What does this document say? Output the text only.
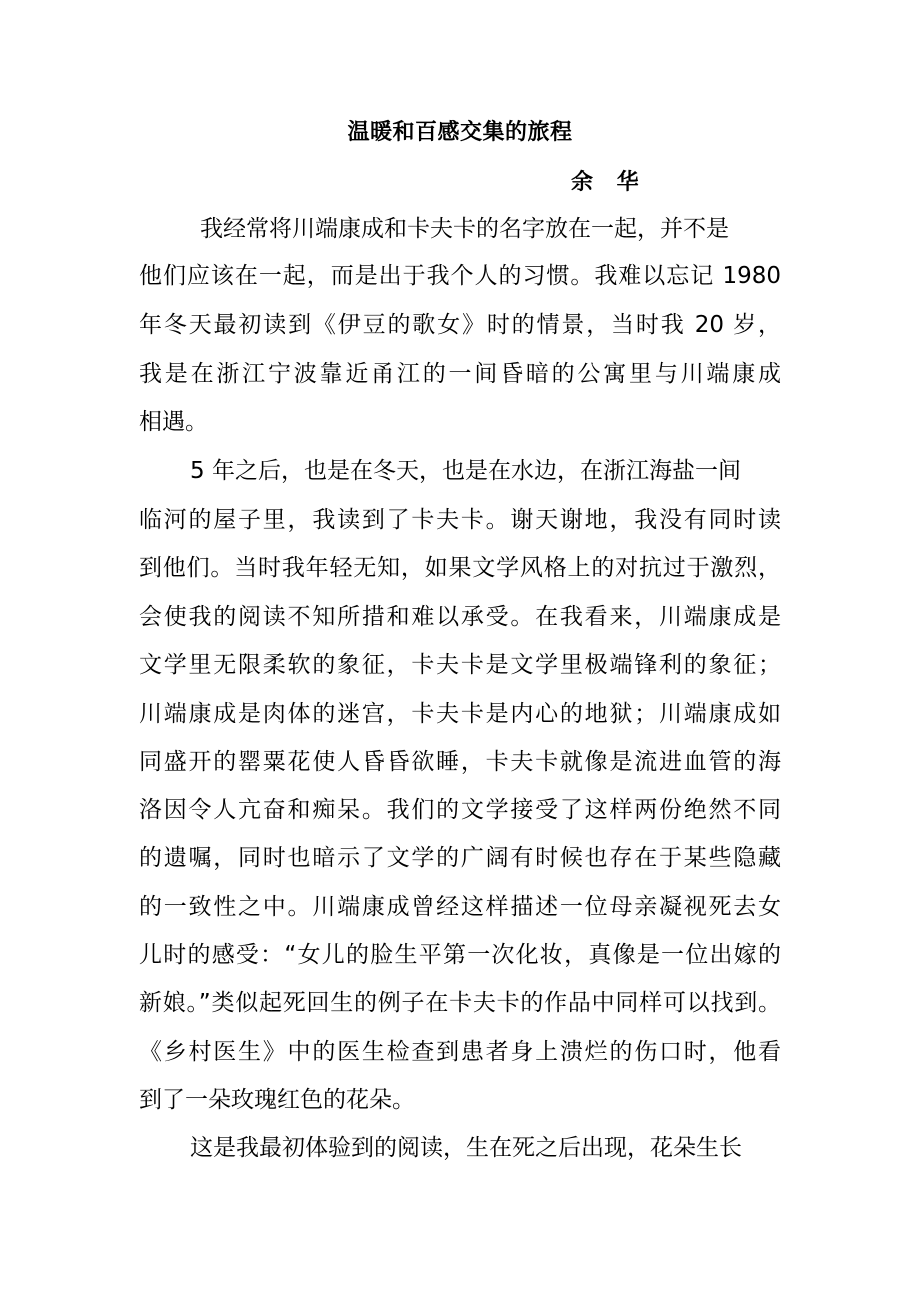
温暖和百感交集的旅程
余 华
我经常将川端康成和卡夫卡的名字放在一起，并不是
他们应该在一起，而是出于我个人的习惯。我难以忘记 1980
年冬天最初读到《伊豆的歌女》时的情景，当时我 20 岁，
我是在浙江宁波靠近甬江的一间昏暗的公寓里与川端康成
相遇。
5 年之后，也是在冬天，也是在水边，在浙江海盐一间
临河的屋子里，我读到了卡夫卡。谢天谢地，我没有同时读
到他们。当时我年轻无知，如果文学风格上的对抗过于激烈，
会使我的阅读不知所措和难以承受。在我看来，川端康成是
文学里无限柔软的象征，卡夫卡是文学里极端锋利的象征；
川端康成是肉体的迷宫，卡夫卡是内心的地狱；川端康成如
同盛开的罂粟花使人昏昏欲睡，卡夫卡就像是流进血管的海
洛因令人亢奋和痴呆。我们的文学接受了这样两份绝然不同
的遗嘱，同时也暗示了文学的广阔有时候也存在于某些隐藏
的一致性之中。川端康成曾经这样描述一位母亲凝视死去女
儿时的感受：“女儿的脸生平第一次化妆，真像是一位出嫁的
新娘。”类似起死回生的例子在卡夫卡的作品中同样可以找到。
《乡村医生》中的医生检查到患者身上溃烂的伤口时，他看
到了一朵玫瑰红色的花朵。
这是我最初体验到的阅读，生在死之后出现，花朵生长
